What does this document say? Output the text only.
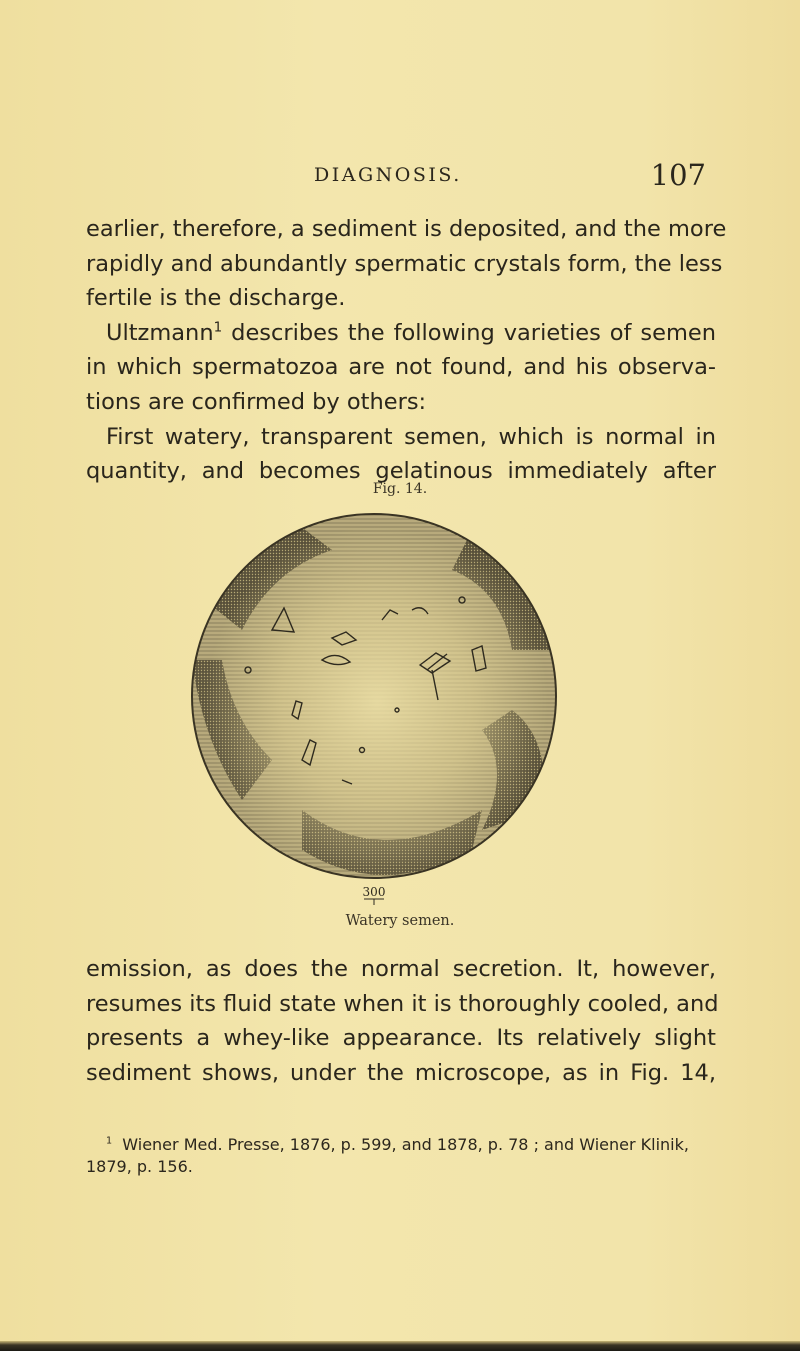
DIAGNOSIS.	107
earlier, therefore, a sediment is deposited, and the more
rapidly and abundantly spermatic crystals form, the less
fertile is the discharge.
Ultzmann$^1$ describes the following varieties of semen
in which spermatozoa are not found, and his observa-
tions are confirmed by others:
First watery, transparent semen, which is normal in
quantity, and becomes gelatinous immediately after
Fig. 14.
300
Watery semen.
emission, as does the normal secretion. It, however,
resumes its fluid state when it is thoroughly cooled, and
presents a whey-like appearance. Its relatively slight
sediment shows, under the microscope, as in Fig. 14,
$^1$ Wiener Med. Presse, 1876, p. 599, and 1878, p. 78 ; and Wiener Klinik,
1879, p. 156.
